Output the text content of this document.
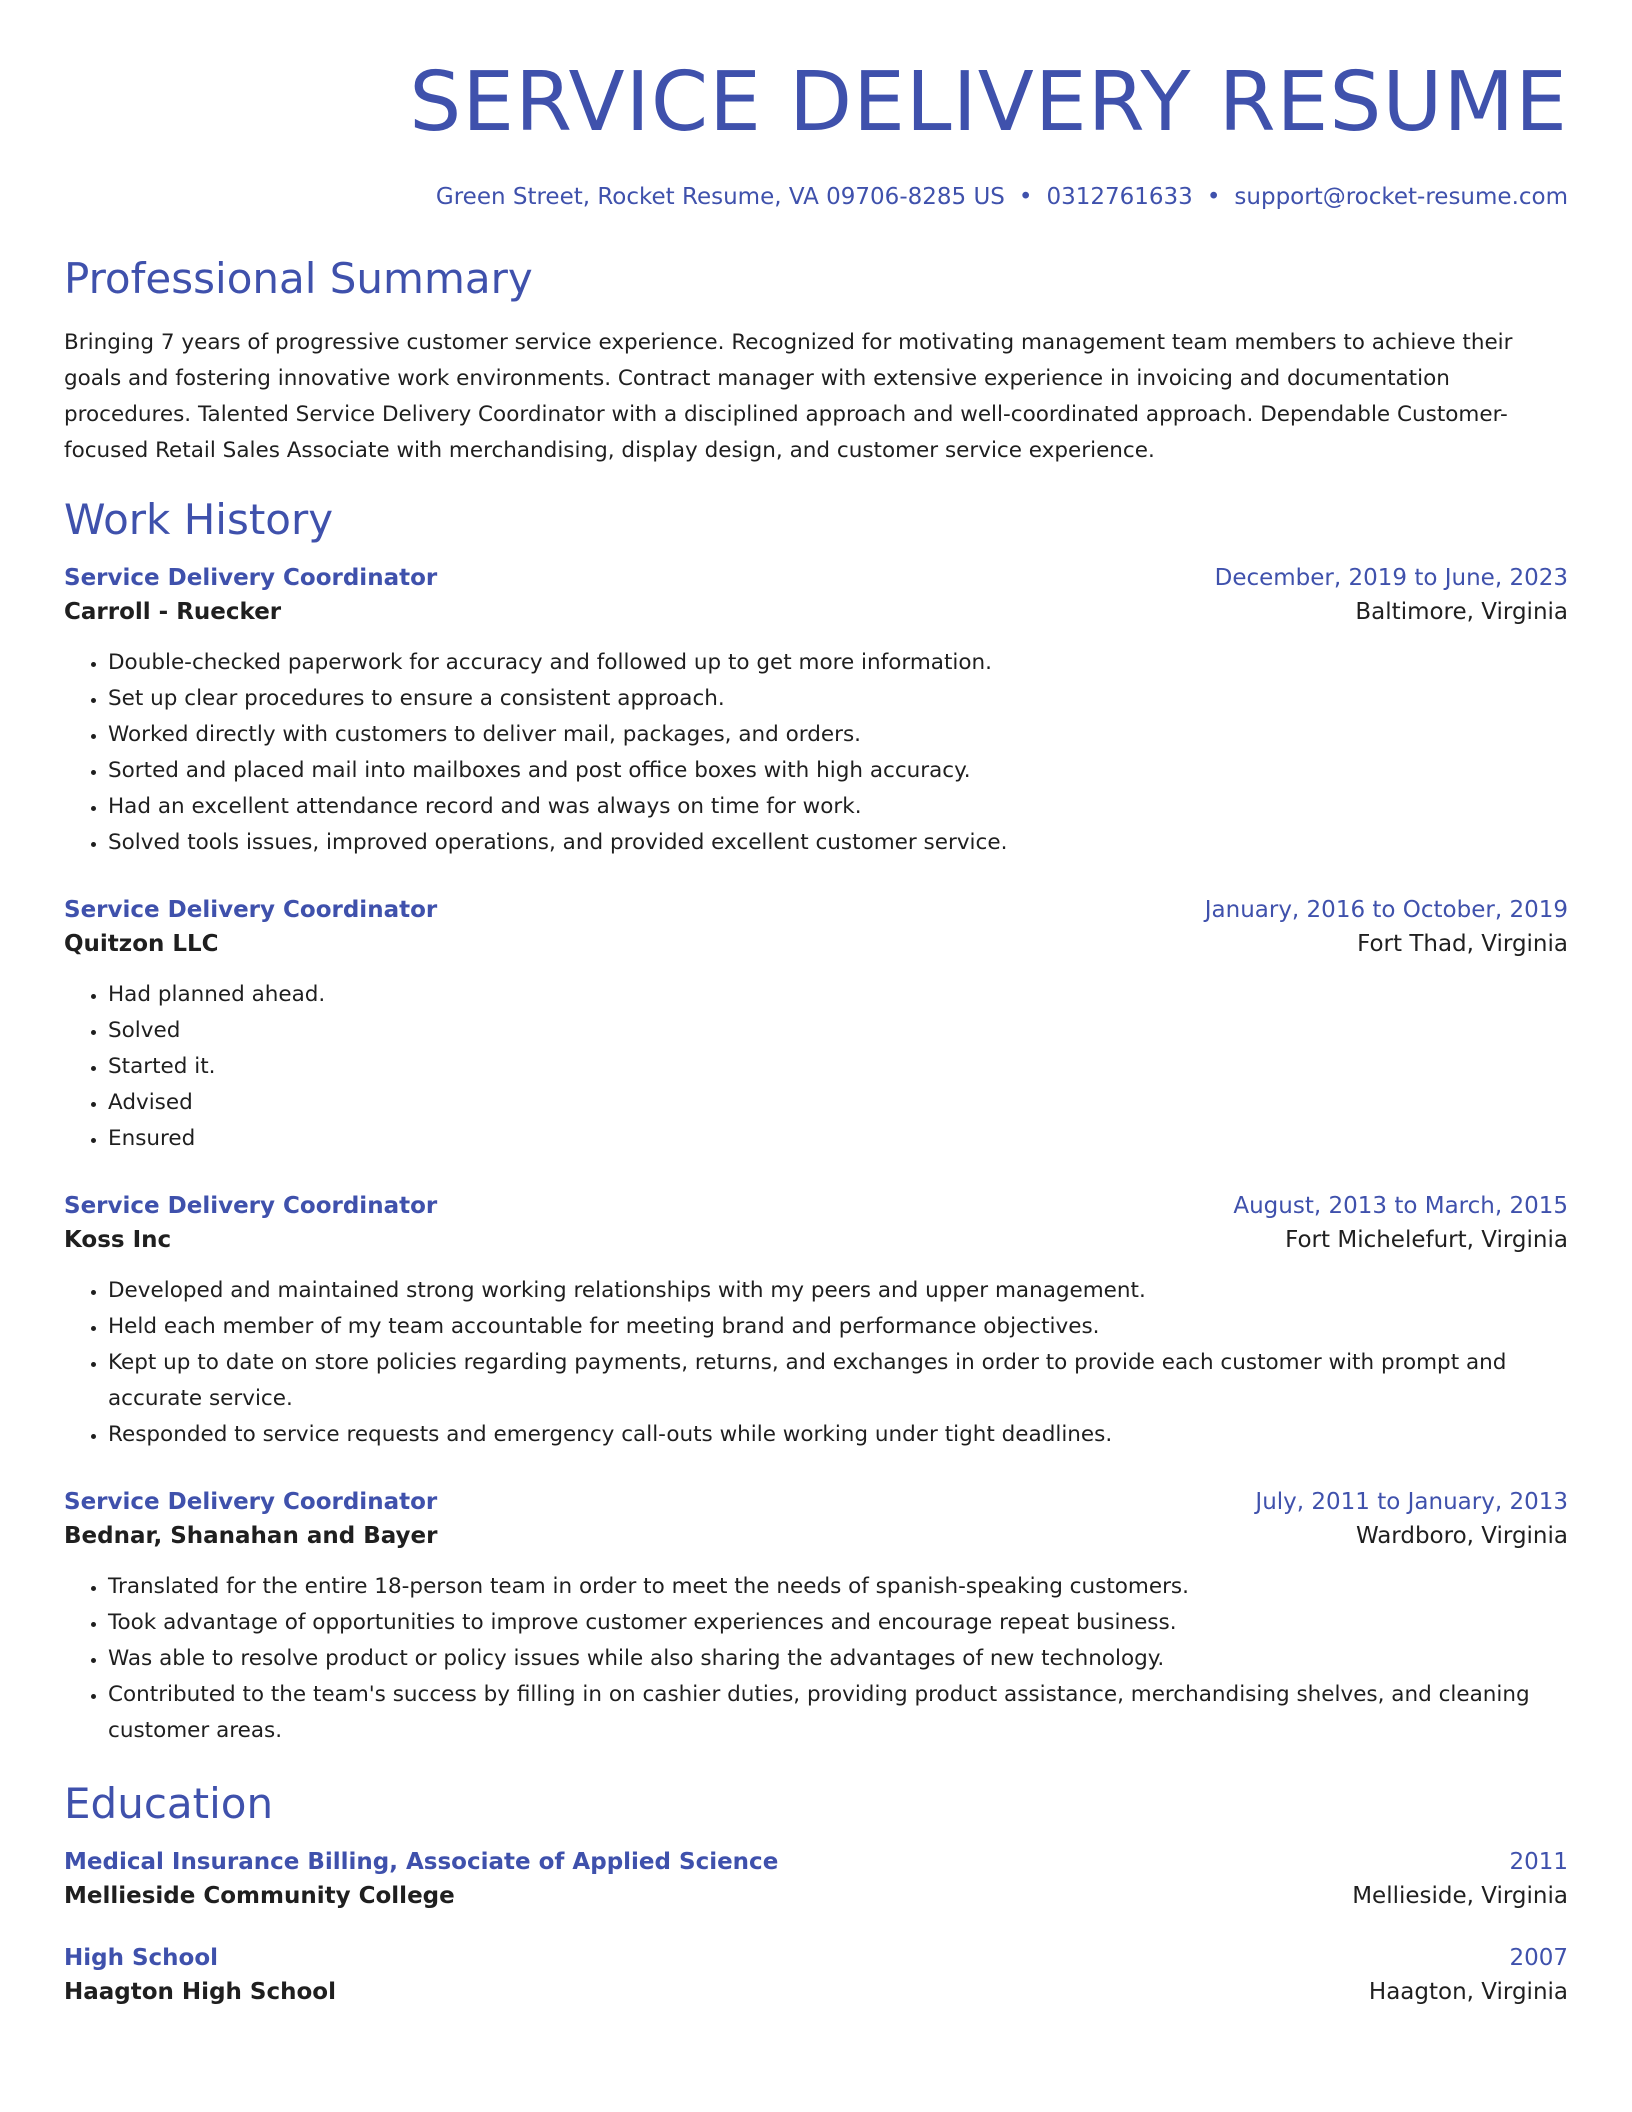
SERVICE DELIVERY RESUME
Green Street, Rocket Resume, VA 09706-8285 US • 0312761633 • support@rocket-resume.com
Professional Summary
Bringing 7 years of progressive customer service experience. Recognized for motivating management team members to achieve their goals and fostering innovative work environments. Contract manager with extensive experience in invoicing and documentation procedures. Talented Service Delivery Coordinator with a disciplined approach and well-coordinated approach. Dependable Customer-focused Retail Sales Associate with merchandising, display design, and customer service experience.
Work History
Service Delivery Coordinator	December, 2019 to June, 2023
Carroll - Ruecker	Baltimore, Virginia
• Double-checked paperwork for accuracy and followed up to get more information.
• Set up clear procedures to ensure a consistent approach.
• Worked directly with customers to deliver mail, packages, and orders.
• Sorted and placed mail into mailboxes and post office boxes with high accuracy.
• Had an excellent attendance record and was always on time for work.
• Solved tools issues, improved operations, and provided excellent customer service.
Service Delivery Coordinator	January, 2016 to October, 2019
Quitzon LLC	Fort Thad, Virginia
• Had planned ahead.
• Solved
• Started it.
• Advised
• Ensured
Service Delivery Coordinator	August, 2013 to March, 2015
Koss Inc	Fort Michelefurt, Virginia
• Developed and maintained strong working relationships with my peers and upper management.
• Held each member of my team accountable for meeting brand and performance objectives.
• Kept up to date on store policies regarding payments, returns, and exchanges in order to provide each customer with prompt and accurate service.
• Responded to service requests and emergency call-outs while working under tight deadlines.
Service Delivery Coordinator	July, 2011 to January, 2013
Bednar, Shanahan and Bayer	Wardboro, Virginia
• Translated for the entire 18-person team in order to meet the needs of spanish-speaking customers.
• Took advantage of opportunities to improve customer experiences and encourage repeat business.
• Was able to resolve product or policy issues while also sharing the advantages of new technology.
• Contributed to the team's success by filling in on cashier duties, providing product assistance, merchandising shelves, and cleaning customer areas.
Education
Medical Insurance Billing, Associate of Applied Science	2011
Mellieside Community College	Mellieside, Virginia
High School	2007
Haagton High School	Haagton, Virginia
